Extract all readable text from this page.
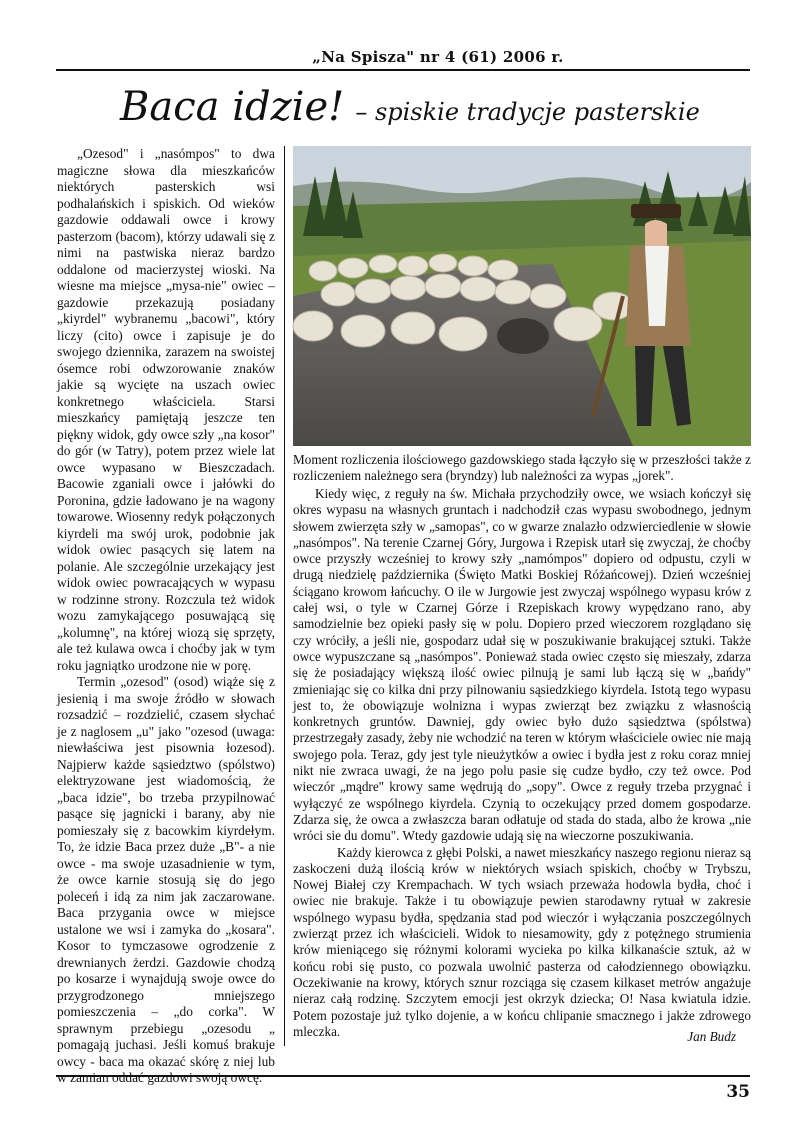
„Na Spisza" nr 4 (61) 2006 r.
Baca idzie! – spiskie tradycje pasterskie

„Ozesod" i „nasómpos" to dwa magiczne słowa dla mieszkańców niektórych pasterskich wsi podhalańskich i spiskich. Od wieków gazdowie oddawali owce i krowy pasterzom (bacom), którzy udawali się z nimi na pastwiska nieraz bardzo oddalone od macierzystej wioski. Na wiesne ma miejsce „mysa-nie" owiec – gazdowie przekazują posiadany „kiyrdel" wybranemu „bacowi", który liczy (cito) owce i zapisuje je do swojego dziennika, zarazem na swoistej ósemce robi odwzorowanie znaków jakie są wycięte na uszach owiec konkretnego właściciela. Starsi mieszkańcy pamiętają jeszcze ten piękny widok, gdy owce szły „na kosor" do gór (w Tatry), potem przez wiele lat owce wypasano w Bieszczadach. Bacowie zganiali owce i jałówki do Poronina, gdzie ładowano je na wagony towarowe. Wiosenny redyk połączonych kiyrdeli ma swój urok, podobnie jak widok owiec pasących się latem na polanie. Ale szczególnie urzekający jest widok owiec powracających w wypasu w rodzinne strony. Rozczula też widok wozu zamykającego posuwającą się „kolumnę", na której wiozą się sprzęty, ale też kulawa owca i choćby jak w tym roku jagniątko urodzone nie w porę.

Termin „ozesod" (osod) wiąże się z jesienią i ma swoje źródło w słowach rozsadzić – rozdzielić, czasem słychać je z naglosem „u" jako "ozesod (uwaga: niewłaściwa jest pisownia łozesod). Najpierw każde sąsiedztwo (spólstwo) elektryzowane jest wiadomością, że „baca idzie", bo trzeba przypilnować pasące się jagnicki i barany, aby nie pomieszały się z bacowkim kiyrdełym. To, że idzie Baca przez duże „B"- a nie owce - ma swoje uzasadnienie w tym, że owce karnie stosują się do jego poleceń i idą za nim jak zaczarowane. Baca przygania owce w miejsce ustalone we wsi i zamyka do „kosara". Kosor to tymczasowe ogrodzenie z drewnianych żerdzi. Gazdowie chodzą po kosarze i wynajdują swoje owce do przygrodzonego mniejszego pomieszczenia – „do corka". W sprawnym przebiegu „ozesodu „ pomagają juchasi. Jeśli komuś brakuje owcy - baca ma okazać skórę z niej lub w zamian oddać gazdowi swoją owcę.

Moment rozliczenia ilościowego gazdowskiego stada łączyło się w przeszłości także z rozliczeniem należnego sera (bryndzy) lub należności za wypas „jorek".

Kiedy więc, z reguły na św. Michała przychodziły owce, we wsiach kończył się okres wypasu na własnych gruntach i nadchodził czas wypasu swobodnego, jednym słowem zwierzęta szły w „samopas", co w gwarze znalazło odzwierciedlenie w słowie „nasómpos". Na terenie Czarnej Góry, Jurgowa i Rzepisk utarł się zwyczaj, że choćby owce przyszły wcześniej to krowy szły „namómpos" dopiero od odpustu, czyli w drugą niedzielę października (Święto Matki Boskiej Różańcowej). Dzień wcześniej ściągano krowom łańcuchy. O ile w Jurgowie jest zwyczaj wspólnego wypasu krów z całej wsi, o tyle w Czarnej Górze i Rzepiskach krowy wypędzano rano, aby samodzielnie bez opieki pasły się w polu. Dopiero przed wieczorem rozglądano się czy wróciły, a jeśli nie, gospodarz udał się w poszukiwanie brakującej sztuki. Także owce wypuszczane są „nasómpos". Ponieważ stada owiec często się mieszały, zdarza się że posiadający większą ilość owiec pilnują je sami lub łączą się w „bańdy" zmieniając się co kilka dni przy pilnowaniu sąsiedzkiego kiyrdela. Istotą tego wypasu jest to, że obowiązuje wolnizna i wypas zwierząt bez związku z własnością konkretnych gruntów. Dawniej, gdy owiec było dużo sąsiedztwa (spólstwa) przestrzegały zasady, żeby nie wchodzić na teren w którym właściciele owiec nie mają swojego pola. Teraz, gdy jest tyle nieużytków a owiec i bydła jest z roku coraz mniej nikt nie zwraca uwagi, że na jego polu pasie się cudze bydło, czy też owce. Pod wieczór „mądre" krowy same wędrują do „sopy". Owce z reguły trzeba przygnać i wyłączyć ze wspólnego kiyrdela. Czynią to oczekujący przed domem gospodarze. Zdarza się, że owca a zwłaszcza baran odłatuje od stada do stada, albo że krowa „nie wróci sie du domu". Wtedy gazdowie udają się na wieczorne poszukiwania.

Każdy kierowca z głębi Polski, a nawet mieszkańcy naszego regionu nieraz są zaskoczeni dużą ilością krów w niektórych wsiach spiskich, choćby w Trybszu, Nowej Białej czy Krempachach. W tych wsiach przeważa hodowla bydła, choć i owiec nie brakuje. Także i tu obowiązuje pewien starodawny rytuał w zakresie wspólnego wypasu bydła, spędzania stad pod wieczór i wyłączania poszczególnych zwierząt przez ich właścicieli. Widok to niesamowity, gdy z potężnego strumienia krów mieniącego się różnymi kolorami wycieka po kilka kilkanaście sztuk, aż w końcu robi się pusto, co pozwala uwolnić pasterza od całodziennego obowiązku. Oczekiwanie na krowy, których sznur rozciąga się czasem kilkaset metrów angażuje nieraz całą rodzinę. Szczytem emocji jest okrzyk dziecka; O! Nasa kwiatula idzie. Potem pozostaje już tylko dojenie, a w końcu chlipanie smacznego i jakże zdrowego mleczka.	Jan Budz
35
